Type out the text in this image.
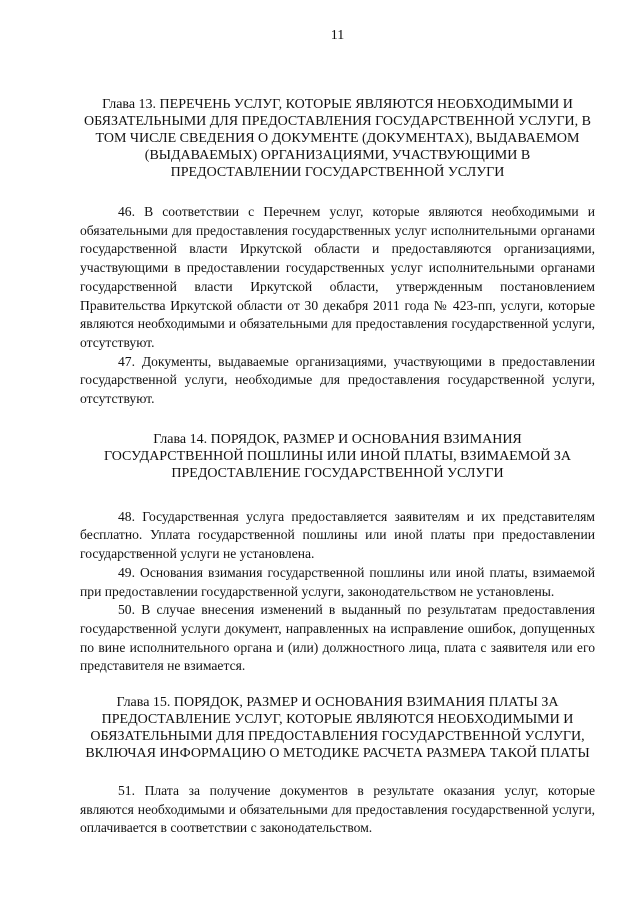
11
Глава 13. ПЕРЕЧЕНЬ УСЛУГ, КОТОРЫЕ ЯВЛЯЮТСЯ НЕОБХОДИМЫМИ И ОБЯЗАТЕЛЬНЫМИ ДЛЯ ПРЕДОСТАВЛЕНИЯ ГОСУДАРСТВЕННОЙ УСЛУГИ, В ТОМ ЧИСЛЕ СВЕДЕНИЯ О ДОКУМЕНТЕ (ДОКУМЕНТАХ), ВЫДАВАЕМОМ (ВЫДАВАЕМЫХ) ОРГАНИЗАЦИЯМИ, УЧАСТВУЮЩИМИ В ПРЕДОСТАВЛЕНИИ ГОСУДАРСТВЕННОЙ УСЛУГИ

46. В соответствии с Перечнем услуг, которые являются необходимыми и обязательными для предоставления государственных услуг исполнительными органами государственной власти Иркутской области и предоставляются организациями, участвующими в предоставлении государственных услуг исполнительными органами государственной власти Иркутской области, утвержденным постановлением Правительства Иркутской области от 30 декабря 2011 года № 423-пп, услуги, которые являются необходимыми и обязательными для предоставления государственной услуги, отсутствуют.

47. Документы, выдаваемые организациями, участвующими в предоставлении государственной услуги, необходимые для предоставления государственной услуги, отсутствуют.

Глава 14. ПОРЯДОК, РАЗМЕР И ОСНОВАНИЯ ВЗИМАНИЯ ГОСУДАРСТВЕННОЙ ПОШЛИНЫ ИЛИ ИНОЙ ПЛАТЫ, ВЗИМАЕМОЙ ЗА ПРЕДОСТАВЛЕНИЕ ГОСУДАРСТВЕННОЙ УСЛУГИ

48. Государственная услуга предоставляется заявителям и их представителям бесплатно. Уплата государственной пошлины или иной платы при предоставлении государственной услуги не установлена.

49. Основания взимания государственной пошлины или иной платы, взимаемой при предоставлении государственной услуги, законодательством не установлены.

50. В случае внесения изменений в выданный по результатам предоставления государственной услуги документ, направленных на исправление ошибок, допущенных по вине исполнительного органа и (или) должностного лица, плата с заявителя или его представителя не взимается.

Глава 15. ПОРЯДОК, РАЗМЕР И ОСНОВАНИЯ ВЗИМАНИЯ ПЛАТЫ ЗА ПРЕДОСТАВЛЕНИЕ УСЛУГ, КОТОРЫЕ ЯВЛЯЮТСЯ НЕОБХОДИМЫМИ И ОБЯЗАТЕЛЬНЫМИ ДЛЯ ПРЕДОСТАВЛЕНИЯ ГОСУДАРСТВЕННОЙ УСЛУГИ, ВКЛЮЧАЯ ИНФОРМАЦИЮ О МЕТОДИКЕ РАСЧЕТА РАЗМЕРА ТАКОЙ ПЛАТЫ

51. Плата за получение документов в результате оказания услуг, которые являются необходимыми и обязательными для предоставления государственной услуги, оплачивается в соответствии с законодательством.
